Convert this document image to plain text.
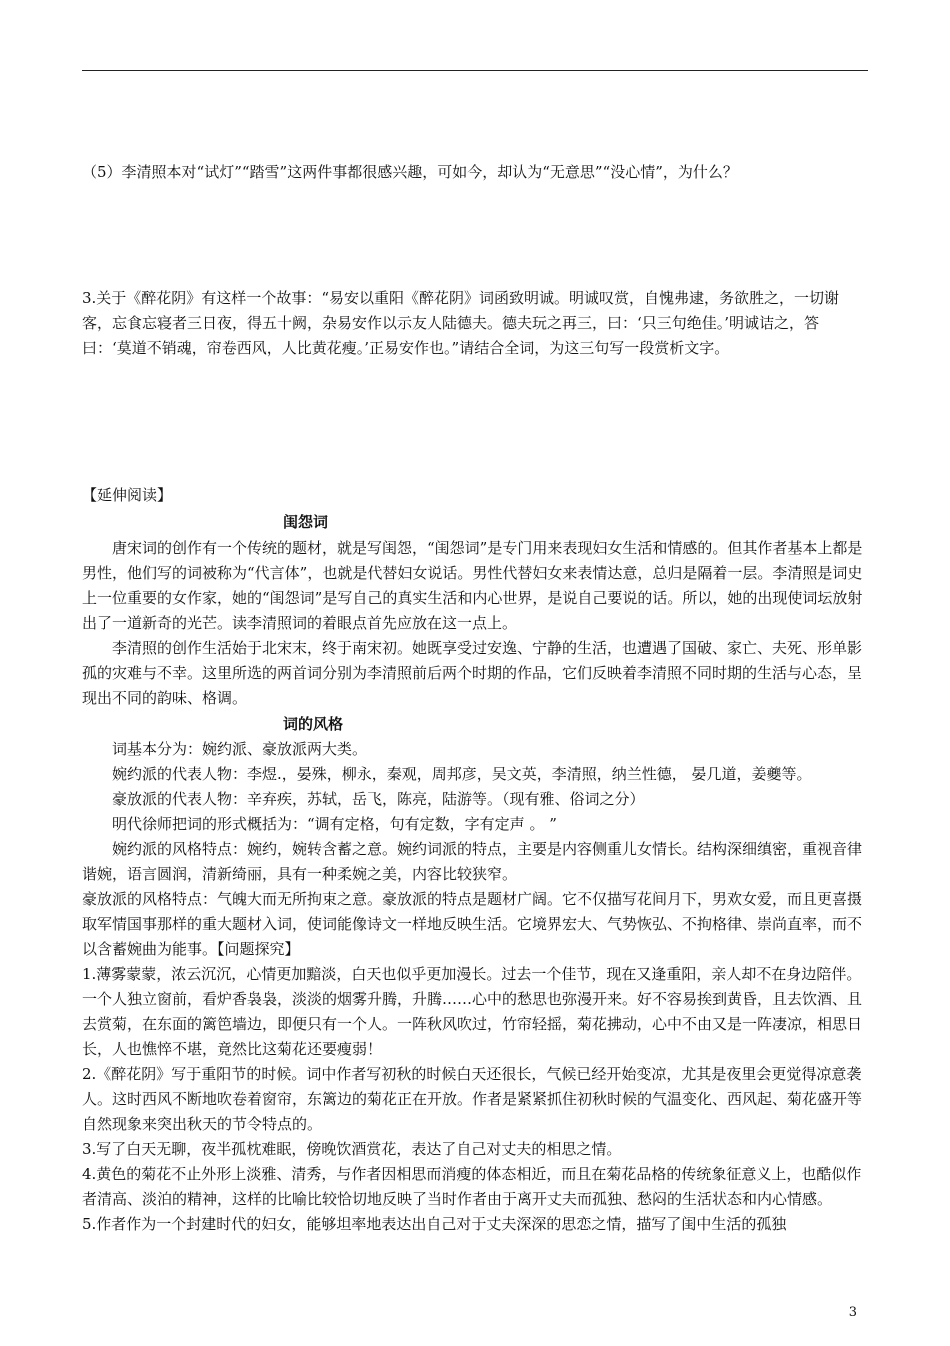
（5）李清照本对“试灯”“踏雪”这两件事都很感兴趣，可如今，却认为“无意思”“没心情”，为什么？

3.关于《醉花阴》有这样一个故事：“易安以重阳《醉花阴》词函致明诚。明诚叹赏，自愧弗逮，务欲胜之，一切谢客，忘食忘寝者三日夜，得五十阙，杂易安作以示友人陆德夫。德夫玩之再三，曰：‘只三句绝佳。’明诚诘之，答曰：‘莫道不销魂，帘卷西风，人比黄花瘦。’正易安作也。”请结合全词，为这三句写一段赏析文字。

【延伸阅读】

闺怨词

唐宋词的创作有一个传统的题材，就是写闺怨，“闺怨词”是专门用来表现妇女生活和情感的。但其作者基本上都是男性，他们写的词被称为“代言体”，也就是代替妇女说话。男性代替妇女来表情达意，总归是隔着一层。李清照是词史上一位重要的女作家，她的“闺怨词”是写自己的真实生活和内心世界，是说自己要说的话。所以，她的出现使词坛放射出了一道新奇的光芒。读李清照词的着眼点首先应放在这一点上。

李清照的创作生活始于北宋末，终于南宋初。她既享受过安逸、宁静的生活，也遭遇了国破、家亡、夫死、形单影孤的灾难与不幸。这里所选的两首词分别为李清照前后两个时期的作品，它们反映着李清照不同时期的生活与心态，呈现出不同的韵味、格调。

词的风格

词基本分为：婉约派、豪放派两大类。

婉约派的代表人物：李煜.，晏殊，柳永，秦观，周邦彦，吴文英，李清照，纳兰性德， 晏几道，姜夔等。

豪放派的代表人物：辛弃疾，苏轼，岳飞，陈亮，陆游等。（现有雅、俗词之分）

明代徐师把词的形式概括为：“调有定格，句有定数，字有定声 。 ”

婉约派的风格特点：婉约，婉转含蓄之意。婉约词派的特点，主要是内容侧重儿女情长。结构深细缜密，重视音律谐婉，语言圆润，清新绮丽，具有一种柔婉之美，内容比较狭窄。

豪放派的风格特点：气魄大而无所拘束之意。豪放派的特点是题材广阔。它不仅描写花间月下，男欢女爱，而且更喜摄取军情国事那样的重大题材入词，使词能像诗文一样地反映生活。它境界宏大、气势恢弘、不拘格律、崇尚直率，而不以含蓄婉曲为能事。【问题探究】

1.薄雾蒙蒙，浓云沉沉，心情更加黯淡，白天也似乎更加漫长。过去一个佳节，现在又逢重阳，亲人却不在身边陪伴。一个人独立窗前，看炉香袅袅，淡淡的烟雾升腾，升腾……心中的愁思也弥漫开来。好不容易挨到黄昏，且去饮酒、且去赏菊，在东面的篱笆墙边，即便只有一个人。一阵秋风吹过，竹帘轻摇，菊花拂动，心中不由又是一阵凄凉，相思日长，人也憔悴不堪，竟然比这菊花还要瘦弱！

2.《醉花阴》写于重阳节的时候。词中作者写初秋的时候白天还很长，气候已经开始变凉，尤其是夜里会更觉得凉意袭人。这时西风不断地吹卷着窗帘，东篱边的菊花正在开放。作者是紧紧抓住初秋时候的气温变化、西风起、菊花盛开等自然现象来突出秋天的节令特点的。

3.写了白天无聊，夜半孤枕难眠，傍晚饮酒赏花，表达了自己对丈夫的相思之情。

4.黄色的菊花不止外形上淡雅、清秀，与作者因相思而消瘦的体态相近，而且在菊花品格的传统象征意义上，也酷似作者清高、淡泊的精神，这样的比喻比较恰切地反映了当时作者由于离开丈夫而孤独、愁闷的生活状态和内心情感。

5.作者作为一个封建时代的妇女，能够坦率地表达出自己对于丈夫深深的思恋之情，描写了闺中生活的孤独

3
